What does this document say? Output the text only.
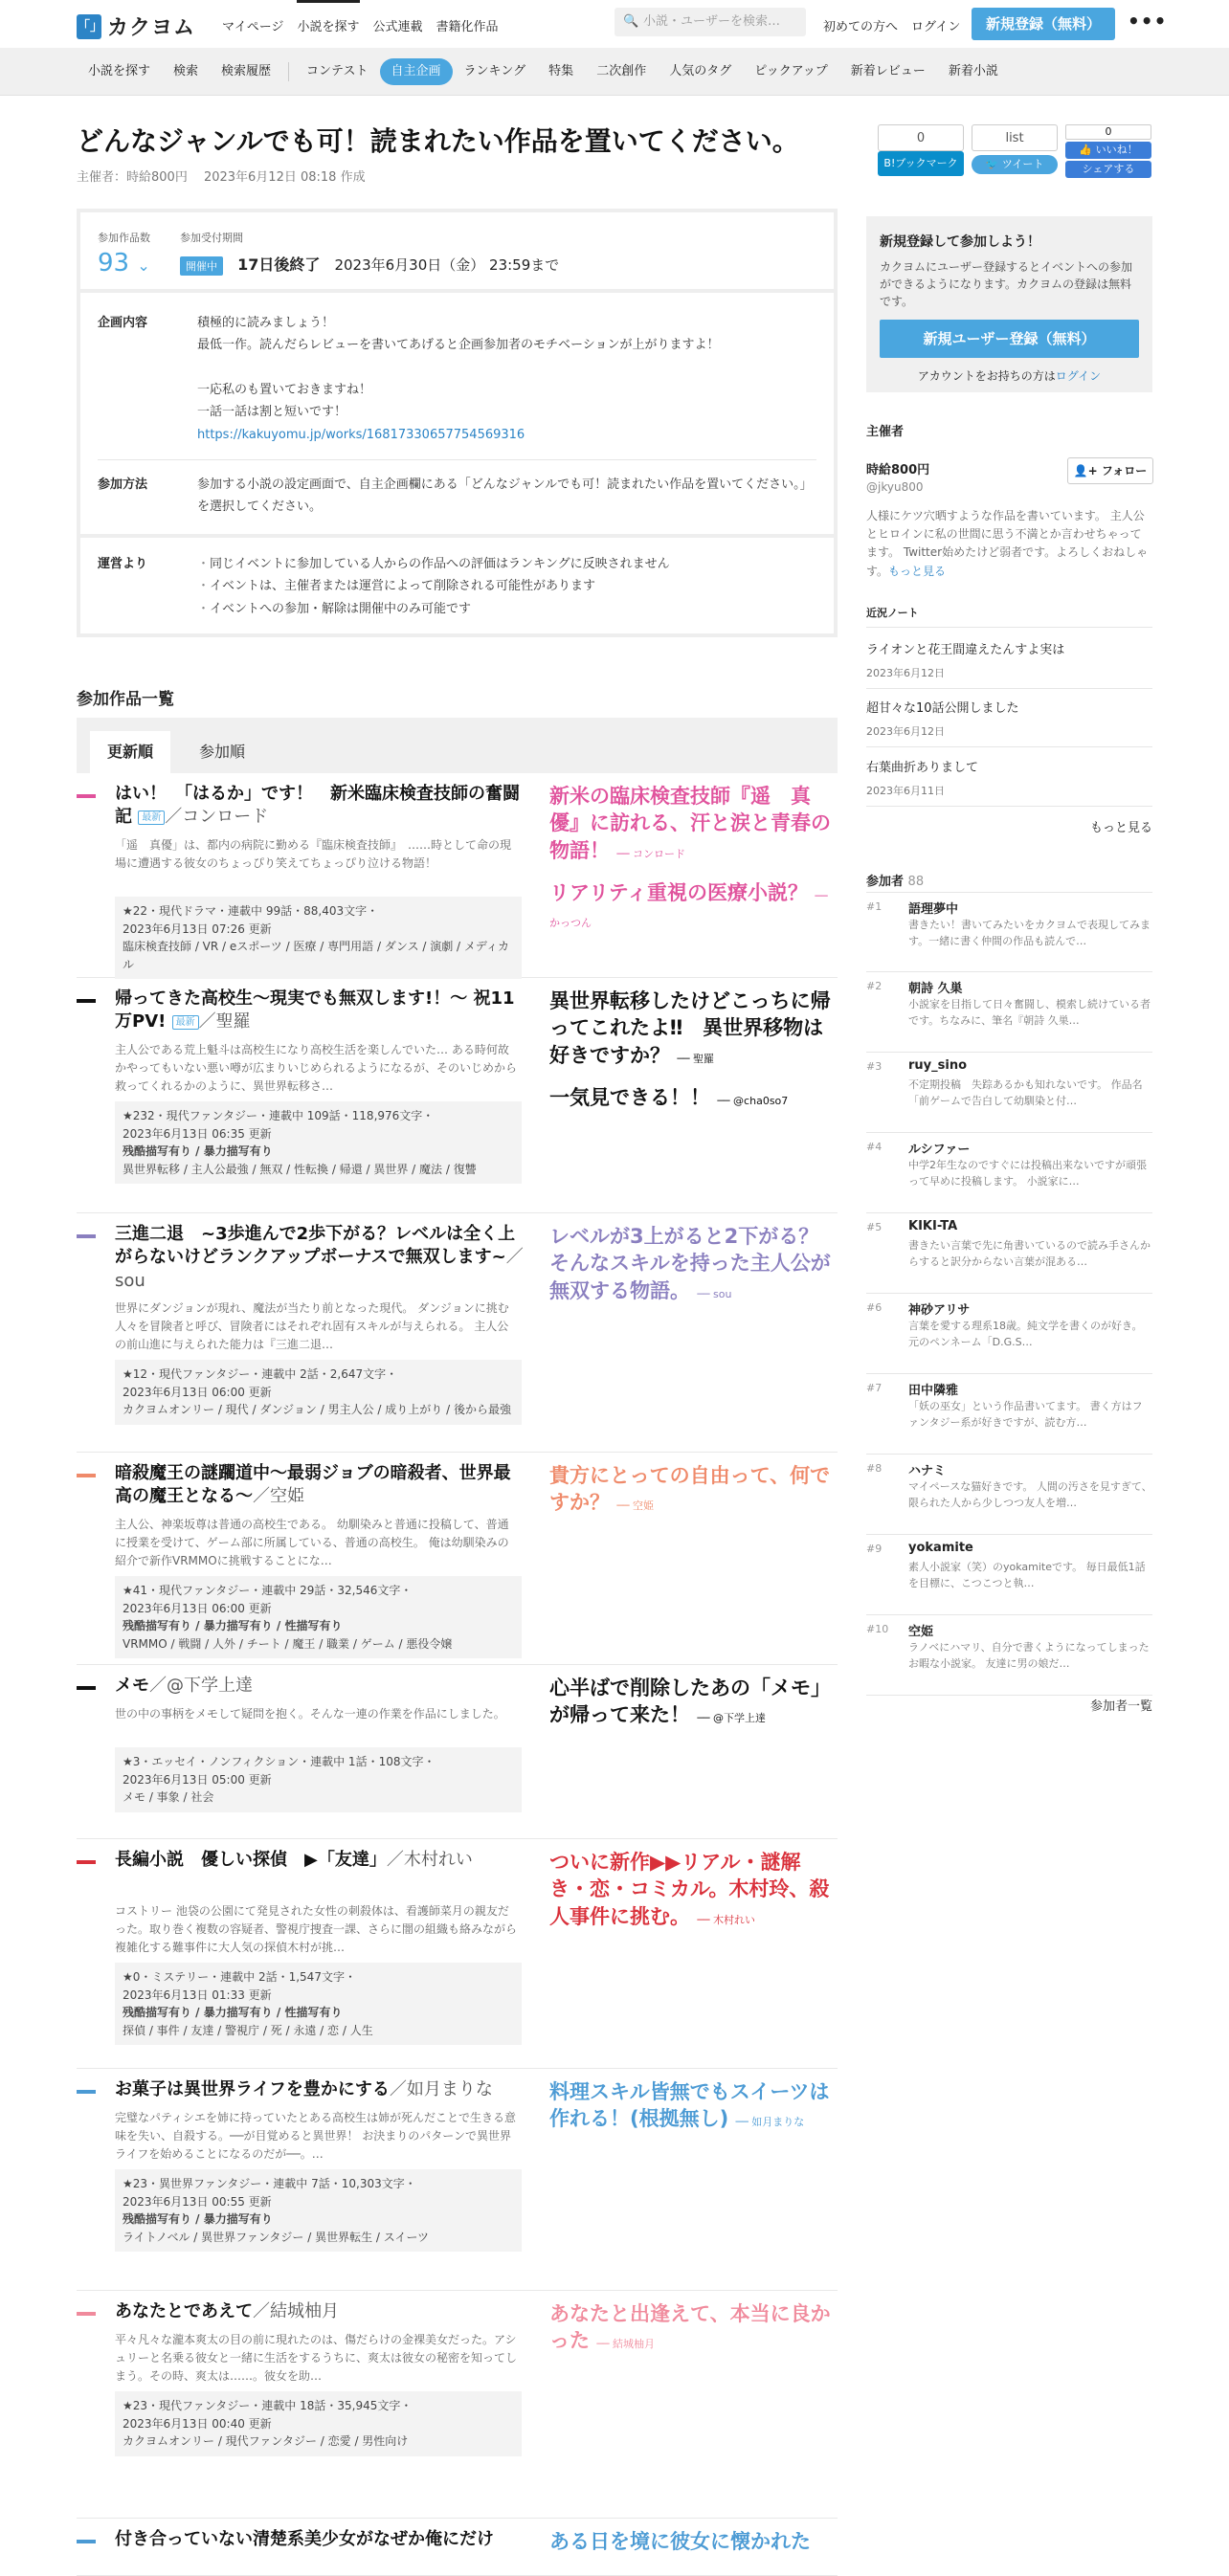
「」 カクヨム マイページ 小説を探す 公式連載 書籍化作品	🔍 小説・ユーザーを検索…	初めての方へ ログイン	新規登録（無料）	•••
小説を探す	検索	検索履歴	コンテスト	自主企画	ランキング	特集	二次創作	人気のタグ	ピックアップ	新着レビュー	新着小説
どんなジャンルでも可！読まれたい作品を置いてください。
主催者：時給800円　 2023年6月12日 08:18 作成
参加作品数
93 ⌄
参加受付期間
開催中 17日後終了 2023年6月30日（金） 23:59まで
企画内容	積極的に読みましょう！
最低一作。読んだらレビューを書いてあげると企画参加者のモチベーションが上がりますよ！
一応私のも置いておきますね！
一話一話は割と短いです！
https://kakuyomu.jp/works/16817330657754569316
参加方法	参加する小説の設定画面で、自主企画欄にある「どんなジャンルでも可！読まれたい作品を置いてください。」を選択してください。
運営より
・	同じイベントに参加している人からの作品への評価はランキングに反映されません
・ イベントは、主催者または運営によって削除される可能性があります
・ イベントへの参加・解除は開催中のみ可能です
参加作品一覧
更新順	参加順
はい！　「はるか」です！　新米臨床検査技師の奮闘記 最新 ／コンロード
「遥　真優」は、都内の病院に勤める『臨床検査技師』　……時として命の現場に遭遇する彼女のちょっぴり笑えてちょっぴり泣ける物語！
★22・現代ドラマ・連載中 99話・88,403文字・
2023年6月13日 07:26 更新
臨床検査技師 / VR / eスポーツ / 医療 / 専門用語 / ダンス / 演劇 / メディカル
新米の臨床検査技師『遥　真優』に訪れる、汗と涙と青春の物語！ ── コンロード
リアリティ重視の医療小説？ ── かっつん
帰ってきた高校生～現実でも無双します!！～ 祝11万PV! 最新 ／聖羅
主人公である荒上魁斗は高校生になり高校生活を楽しんでいた… ある時何故かやってもいない悪い噂が広まりいじめられるようになるが、そのいじめから救ってくれるかのように、異世界転移さ…
★232・現代ファンタジー・連載中 109話・118,976文字・
2023年6月13日 06:35 更新
残酷描写有り / 暴力描写有り
異世界転移 / 主人公最強 / 無双 / 性転換 / 帰還 / 異世界 / 魔法 / 復讐
異世界転移したけどこっちに帰ってこれたよ‼　異世界移物は好きですか？ ── 聖羅
一気見できる！！ ── @cha0so7
三進二退　~3歩進んで2歩下がる？レベルは全く上がらないけどランクアップボーナスで無双します~／sou
世界にダンジョンが現れ、魔法が当たり前となった現代。 ダンジョンに挑む人々を冒険者と呼び、冒険者にはそれぞれ固有スキルが与えられる。 主人公の前山進に与えられた能力は『三進二退…
★12・現代ファンタジー・連載中 2話・2,647文字・
2023年6月13日 06:00 更新
カクヨムオンリー / 現代 / ダンジョン / 男主人公 / 成り上がり / 後から最強
レベルが3上がると2下がる？そんなスキルを持った主人公が無双する物語。 ── sou
暗殺魔王の謎躙道中〜最弱ジョブの暗殺者、世界最高の魔王となる〜／空姫
主人公、神楽坂尊は普通の高校生である。 幼馴染みと普通に投稿して、普通に授業を受けて、ゲーム部に所属している、普通の高校生。 俺は幼馴染みの紹介で新作VRMMOに挑戦することにな…
★41・現代ファンタジー・連載中 29話・32,546文字・
2023年6月13日 06:00 更新
残酷描写有り / 暴力描写有り / 性描写有り
VRMMO / 戦闘 / 人外 / チート / 魔王 / 職業 / ゲーム / 悪役令嬢
貴方にとっての自由って、何ですか？ ── 空姫
メモ／@下学上達
世の中の事柄をメモして疑問を抱く。そんな一連の作業を作品にしました。
★3・エッセイ・ノンフィクション・連載中 1話・108文字・
2023年6月13日 05:00 更新
メモ / 事象 / 社会
心半ばで削除したあの「メモ」が帰って来た！ ── @下学上達
長編小説　優しい探偵　▶「友達」／木村れい
コストリー 池袋の公園にて発見された女性の刺殺体は、看護師菜月の親友だった。取り巻く複数の容疑者、警視庁捜査一課、さらに闇の組織も絡みながら複雑化する難事件に大人気の探偵木村が挑…
★0・ミステリー・連載中 2話・1,547文字・
2023年6月13日 01:33 更新
残酷描写有り / 暴力描写有り / 性描写有り
探偵 / 事件 / 友達 / 警視庁 / 死 / 永遠 / 恋 / 人生
ついに新作▶▶リアル・謎解き・恋・コミカル。木村玲、殺人事件に挑む。 ── 木村れい
お菓子は異世界ライフを豊かにする／如月まりな
完璧なパティシエを姉に持っていたとある高校生は姉が死んだことで生きる意味を失い、自殺する。──が目覚めると異世界！ お決まりのパターンで異世界ライフを始めることになるのだが──。…
★23・異世界ファンタジー・連載中 7話・10,303文字・
2023年6月13日 00:55 更新
残酷描写有り / 暴力描写有り
ライトノベル / 異世界ファンタジー / 異世界転生 / スイーツ
料理スキル皆無でもスイーツは作れる！(根拠無し) ── 如月まりな
あなたとであえて／結城柚月
平々凡々な瀧本爽太の目の前に現れたのは、傷だらけの金裸美女だった。アシュリーと名乗る彼女と一緒に生活をするうちに、爽太は彼女の秘密を知ってしまう。その時、爽太は……。彼女を助…
★23・現代ファンタジー・連載中 18話・35,945文字・
2023年6月13日 00:40 更新
カクヨムオンリー / 現代ファンタジー / 恋愛 / 男性向け
あなたと出逢えて、本当に良かった ── 結城柚月
付き合っていない清楚系美少女がなぜか俺にだけ	ある日を境に彼女に懐かれた
0
B!ブックマーク
list
🐦 ツイート
0
👍 いいね！
シェアする
新規登録して参加しよう！
カクヨムにユーザー登録するとイベントへの参加ができるようになります。カクヨムの登録は無料です。
新規ユーザー登録（無料）
アカウントをお持ちの方はログイン
主催者
時給800円
@jkyu800
👤+ フォロー
人様にケツ穴晒すような作品を書いています。 主人公とヒロインに私の世間に思う不満とか言わせちゃってます。 Twitter始めたけど弱者です。よろしくおねしゃす。もっと見る
近況ノート
ライオンと花王間違えたんすよ実は
2023年6月12日
超甘々な10話公開しました
2023年6月12日
右葉曲折ありまして
2023年6月11日
もっと見る
参加者 88
#1 語理夢中
書きたい！書いてみたいをカクヨムで表現してみます。一緒に書く仲間の作品も読んで…
#2 朝詩 久巣
小説家を目指して日々奮闘し、模索し続けている者です。ちなみに、筆名『朝詩 久巣…
#3 ruy_sino
不定期投稿　失踪あるかも知れないです。 作品名「前ゲームで告白して幼馴染と付…
#4 ルシファー
中学2年生なのですぐには投稿出来ないですが頑張って早めに投稿します。 小説家に…
#5 KIKI-TA
書きたい言葉で先に角書いているので読み手さんからすると訳分からない言葉が混ある…
#6 神砂アリサ
言葉を愛する理系18歳。純文学を書くのが好き。 元のペンネーム「D.G.S…
#7 田中隣雅
「妖の巫女」という作品書いてます。 書く方はファンタジー系が好きですが、読む方…
#8 ハナミ
マイペースな猫好きです。 人間の汚さを見すぎて、限られた人から少しつつ友人を増…
#9 yokamite
素人小説家（笑）のyokamiteです。 毎日最低1話を目標に、こつこつと執…
#10 空姫
ラノベにハマリ、自分で書くようになってしまったお暇な小説家。 友達に男の娘だ…
参加者一覧
